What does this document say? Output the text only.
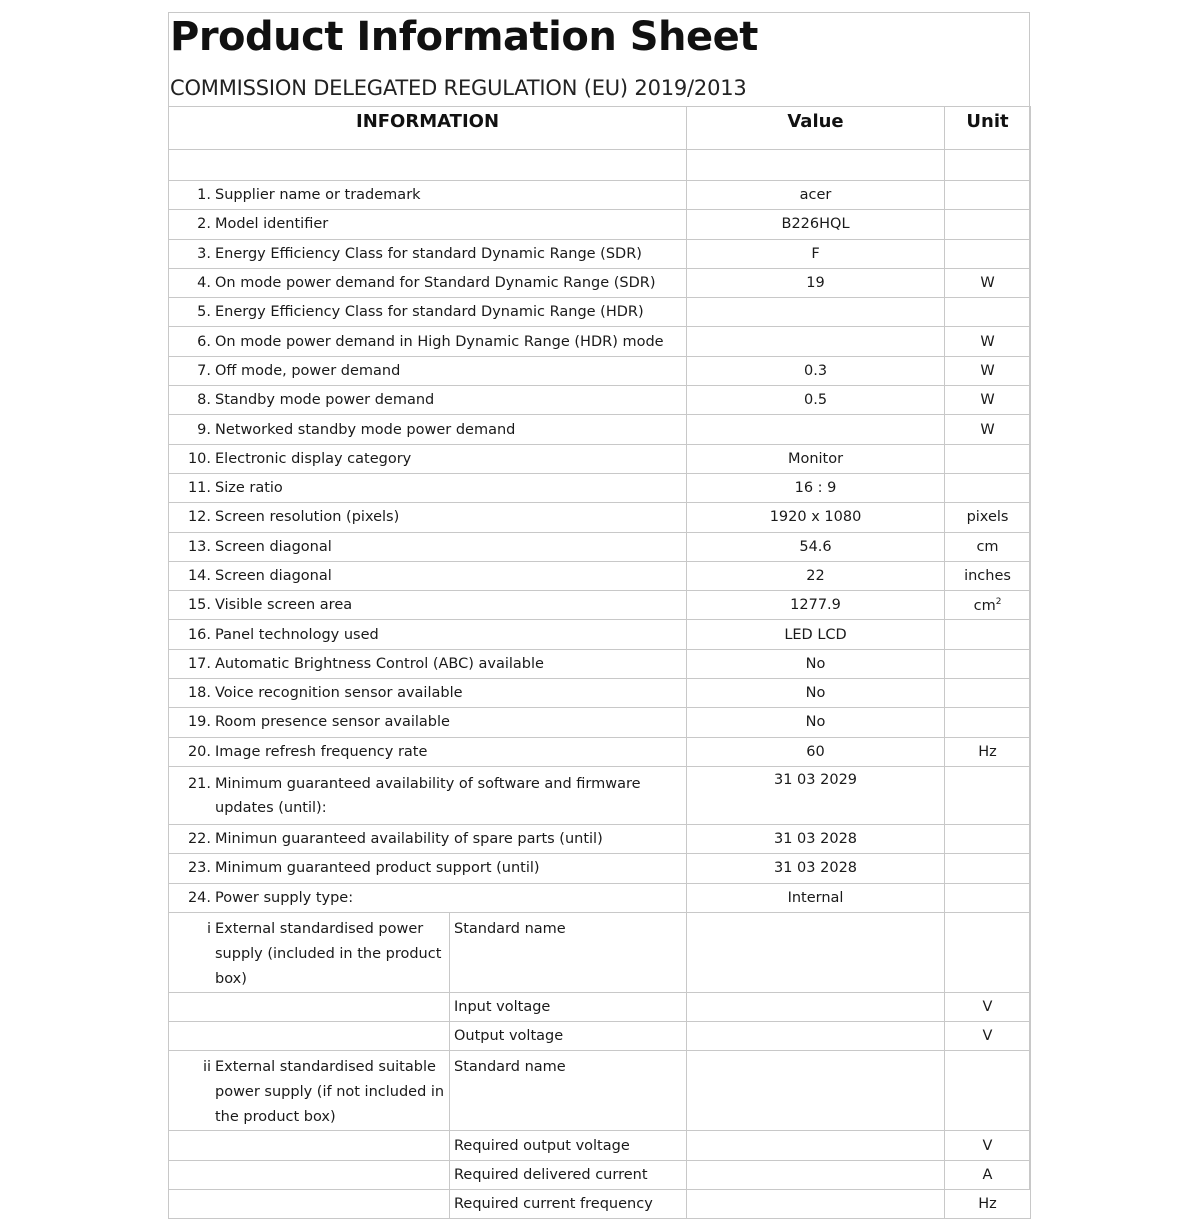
Product Information Sheet
COMMISSION DELEGATED REGULATION (EU) 2019/2013
INFORMATION		Value	Unit

1. Supplier name or trademark		acer	
2. Model identifier		B226HQL	
3. Energy Efficiency Class for standard Dynamic Range (SDR)		F	
4. On mode power demand for Standard Dynamic Range (SDR)		19	W
5. Energy Efficiency Class for standard Dynamic Range (HDR)			
6. On mode power demand in High Dynamic Range (HDR) mode			W
7. Off mode, power demand		0.3	W
8. Standby mode power demand		0.5	W
9. Networked standby mode power demand			W
10. Electronic display category		Monitor	
11. Size ratio		16 : 9	
12. Screen resolution (pixels)		1920 x 1080	pixels
13. Screen diagonal		54.6	cm
14. Screen diagonal		22	inches
15. Visible screen area		1277.9	$cm^2$
16. Panel technology used		LED LCD	
17. Automatic Brightness Control (ABC) available		No	
18. Voice recognition sensor available		No	
19. Room presence sensor available		No	
20. Image refresh frequency rate		60	Hz
21. Minimum guaranteed availability of software and firmware
updates (until):		31 03 2029	
22. Minimun guaranteed availability of spare parts (until)		31 03 2028	
23. Minimum guaranteed product support (until)		31 03 2028	
24. Power supply type:		Internal	
i External standardised power supply (included in the product box)	Standard name		
	Input voltage		V
	Output voltage		V
ii External standardised suitable power supply (if not included in the product box)	Standard name		
	Required output voltage		V
	Required delivered current		A
	Required current frequency		Hz
